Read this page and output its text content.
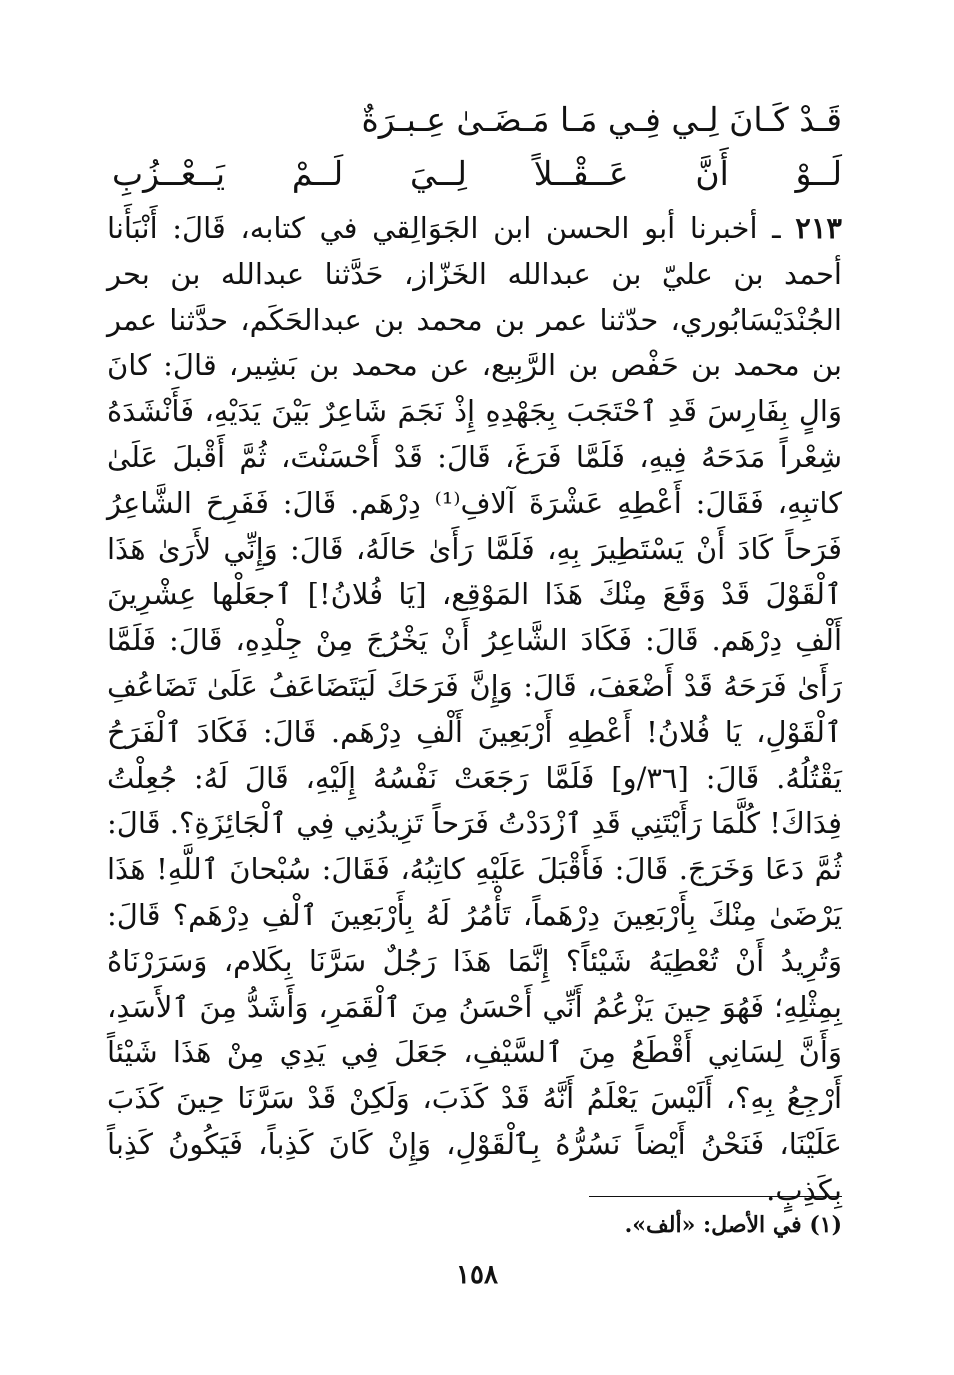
قَـدْ كَـانَ لِـي فِـي مَـا مَـضَـىٰ عِـبـرَةٌ
لَــوْ أَنَّ عَــقْــلاً لِــيَ لَــمْ يَــعْــزُبِ
٢١٣ ـ أخبرنا أبو الحسن ابن الجَوَالِقي في كتابه، قَالَ: أَنْبَأَنا أحمد بن عليّ بن عبدالله الخَزّاز، حَدَّثنا عبدالله بن بحر الجُنْدَيْسَابُوري، حدّثنا عمر بن محمد بن عبدالحَكَم، حدَّثنا عمر بن محمد بن حَفْص بن الرَّبِيع، عن محمد بن بَشِير، قالَ: كانَ وَالٍ بِفَارِسَ قَدِ ٱحْتَجَبَ بِجَهْدِهِ إِذْ نَجَمَ شَاعِرٌ بَيْنَ يَدَيْهِ، فَأَنْشَدَهُ شِعْراً مَدَحَهُ فِيهِ، فَلَمَّا فَرَغَ، قَالَ: قَدْ أَحْسَنْتَ، ثُمَّ أَقْبلَ عَلَىٰ كاتبِهِ، فَقَالَ: أَعْطِهِ عَشْرَةَ آلافِ⁽¹⁾ دِرْهَم. قَالَ: فَفَرِحَ الشَّاعِرُ فَرَحاً كَادَ أَنْ يَسْتَطِيرَ بِهِ، فَلَمَّا رَأَىٰ حَالَهُ، قَالَ: وَإِنِّي لأَرَىٰ هَذَا ٱلْقَوْلَ قَدْ وَقَعَ مِنْكَ هَذَا المَوْقِع، [يَا فُلانُ!] ٱجعَلْها عِشْرِينَ أَلْفِ دِرْهَم. قَالَ: فَكَادَ الشَّاعِرُ أَنْ يَخْرُجَ مِنْ جِلْدِهِ، قَالَ: فَلَمَّا رَأَىٰ فَرَحَهُ قَدْ أَضْعَفَ، قَالَ: وَإِنَّ فَرَحَكَ لَيَتَضَاعَفُ عَلَىٰ تَضَاعُفِ ٱلْقَوْلِ، يَا فُلانُ! أَعْطِهِ أَرْبَعِينَ أَلْفِ دِرْهَم. قَالَ: فَكَادَ ٱلْفَرَحُ يَقْتُلُهُ. قَالَ: [٣٦/و] فَلَمَّا رَجَعَتْ نَفْسُهُ إِلَيْهِ، قَالَ لَهُ: جُعِلْتُ فِدَاكَ! كُلَّمَا رَأَيْتَنِي قَدِ ٱزْدَدْتُ فَرَحاً تَزِيدُنِي فِي ٱلْجَائِزَةِ؟. قَالَ: ثُمَّ دَعَا وَخَرَجَ. قَالَ: فَأَقْبَلَ عَلَيْهِ كاتِبُهُ، فَقَالَ: سُبْحانَ ٱللَّهِ! هَذَا يَرْضَىٰ مِنْكَ بِأَرْبَعِينَ دِرْهَماً، تَأْمُرُ لَهُ بِأَرْبَعِينَ ٱلْفِ دِرْهَم؟ قَالَ: وَتُرِيدُ أَنْ تُعْطِيَهُ شَيْئاً؟ إِنَّمَا هَذَا رَجُلٌ سَرَّنَا بِكَلام، وَسَرَرْنَاهُ بِمِثْلِهِ؛ فَهُوَ حِينَ يَزْعُمُ أَنِّي أَحْسَنُ مِنَ ٱلْقَمَرِ، وَأَشَدُّ مِنَ ٱلأَسَدِ، وَأَنَّ لِسَانِي أَقْطَعُ مِنَ ٱلسَّيْفِ، جَعَلَ فِي يَدِي مِنْ هَذَا شَيْئاً أَرْجِعُ بِهِ؟، أَلَيْسَ يَعْلَمُ أَنَّهُ قَدْ كَذَبَ، وَلَكِنْ قَدْ سَرَّنَا حِينَ كَذَبَ عَلَيْنَا، فَنَحْنُ أَيْضاً نَسُرُّهُ بِٱلْقَوْلِ، وَإِنْ كَانَ كَذِباً، فَيَكُونُ كَذِباً بِكَذِبٍ.
(١) في الأصل: «ألف».
١٥٨
